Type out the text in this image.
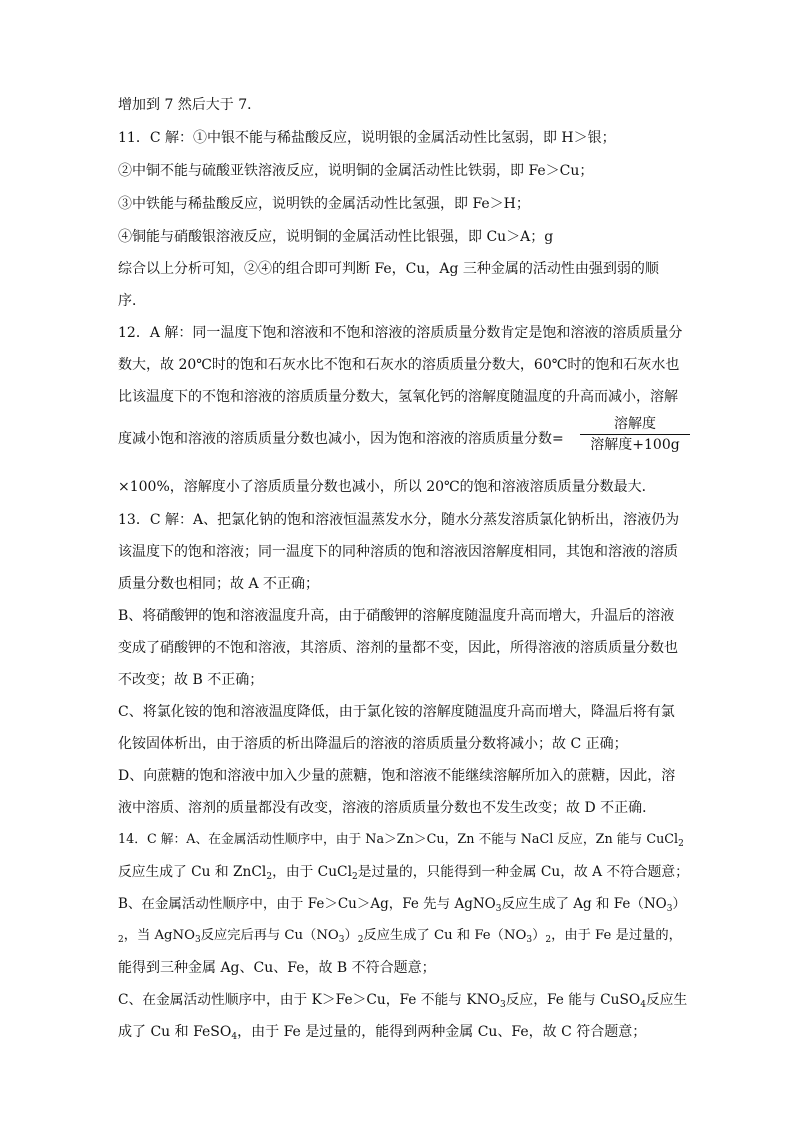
增加到 7 然后大于 7．
11．C 解：①中银不能与稀盐酸反应，说明银的金属活动性比氢弱，即 H＞银；
②中铜不能与硫酸亚铁溶液反应，说明铜的金属活动性比铁弱，即 Fe＞Cu；
③中铁能与稀盐酸反应，说明铁的金属活动性比氢强，即 Fe＞H；
④铜能与硝酸银溶液反应，说明铜的金属活动性比银强，即 Cu＞A；g
综合以上分析可知，②④的组合即可判断 Fe，Cu，Ag 三种金属的活动性由强到弱的顺
序．
12．A 解：同一温度下饱和溶液和不饱和溶液的溶质质量分数肯定是饱和溶液的溶质质量分
数大，故 20℃时的饱和石灰水比不饱和石灰水的溶质质量分数大，60℃时的饱和石灰水也
比该温度下的不饱和溶液的溶质质量分数大，氢氧化钙的溶解度随温度的升高而减小，溶解
度减小饱和溶液的溶质质量分数也减小，因为饱和溶液的溶质质量分数=
溶解度
溶解度+100g
×100%，溶解度小了溶质质量分数也减小，所以 20℃的饱和溶液溶质质量分数最大．
13．C 解：A、把氯化钠的饱和溶液恒温蒸发水分，随水分蒸发溶质氯化钠析出，溶液仍为
该温度下的饱和溶液；同一温度下的同种溶质的饱和溶液因溶解度相同，其饱和溶液的溶质
质量分数也相同；故 A 不正确；
B、将硝酸钾的饱和溶液温度升高，由于硝酸钾的溶解度随温度升高而增大，升温后的溶液
变成了硝酸钾的不饱和溶液，其溶质、溶剂的量都不变，因此，所得溶液的溶质质量分数也
不改变；故 B 不正确；
C、将氯化铵的饱和溶液温度降低，由于氯化铵的溶解度随温度升高而增大，降温后将有氯
化铵固体析出，由于溶质的析出降温后的溶液的溶质质量分数将减小；故 C 正确；
D、向蔗糖的饱和溶液中加入少量的蔗糖，饱和溶液不能继续溶解所加入的蔗糖，因此，溶
液中溶质、溶剂的质量都没有改变，溶液的溶质质量分数也不发生改变；故 D 不正确．
14．C 解：A、在金属活动性顺序中，由于 Na＞Zn＞Cu，Zn 不能与 NaCl 反应，Zn 能与 CuCl$_2$
反应生成了 Cu 和 ZnCl$_2$，由于 CuCl$_2$是过量的，只能得到一种金属 Cu，故 A 不符合题意；
B、在金属活动性顺序中，由于 Fe＞Cu＞Ag，Fe 先与 AgNO$_3$反应生成了 Ag 和 $Fe(NO_3)$
$_2$，当 AgNO$_3$反应完后再与 $Cu(NO_3)_2$反应生成了 Cu 和 $Fe(NO_3)_2$，由于 Fe 是过量的，
能得到三种金属 Ag、Cu、Fe，故 B 不符合题意；
C、在金属活动性顺序中，由于 K＞Fe＞Cu，Fe 不能与 $KNO_3$反应，Fe 能与 CuSO$_4$反应生
成了 Cu 和 FeSO$_4$，由于 Fe 是过量的，能得到两种金属 Cu、Fe，故 C 符合题意；
